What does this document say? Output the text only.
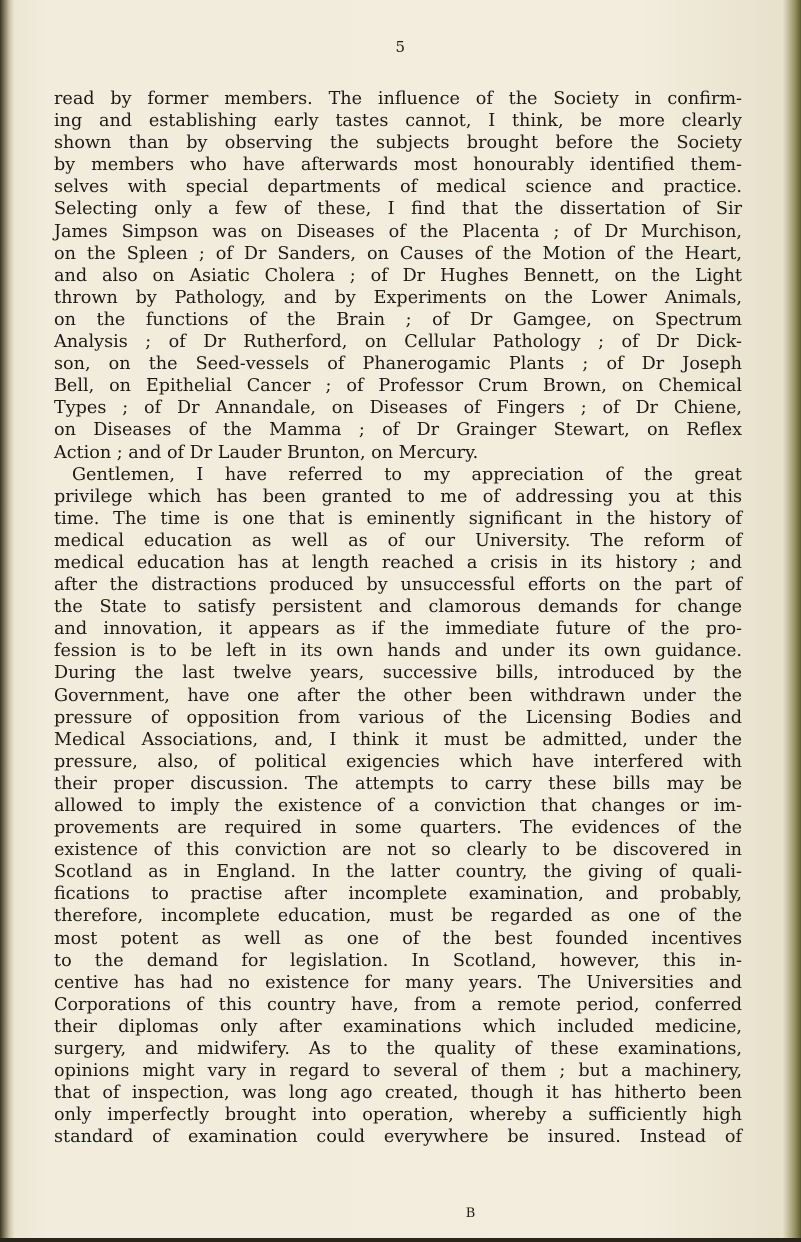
5
read by former members. The influence of the Society in confirm-
ing and establishing early tastes cannot, I think, be more clearly
shown than by observing the subjects brought before the Society
by members who have afterwards most honourably identified them-
selves with special departments of medical science and practice.
Selecting only a few of these, I find that the dissertation of Sir
James Simpson was on Diseases of the Placenta ; of Dr Murchison,
on the Spleen ; of Dr Sanders, on Causes of the Motion of the Heart,
and also on Asiatic Cholera ; of Dr Hughes Bennett, on the Light
thrown by Pathology, and by Experiments on the Lower Animals,
on the functions of the Brain ; of Dr Gamgee, on Spectrum
Analysis ; of Dr Rutherford, on Cellular Pathology ; of Dr Dick-
son, on the Seed-vessels of Phanerogamic Plants ; of Dr Joseph
Bell, on Epithelial Cancer ; of Professor Crum Brown, on Chemical
Types ; of Dr Annandale, on Diseases of Fingers ; of Dr Chiene,
on Diseases of the Mamma ; of Dr Grainger Stewart, on Reflex
Action ; and of Dr Lauder Brunton, on Mercury.
Gentlemen, I have referred to my appreciation of the great
privilege which has been granted to me of addressing you at this
time. The time is one that is eminently significant in the history of
medical education as well as of our University. The reform of
medical education has at length reached a crisis in its history ; and
after the distractions produced by unsuccessful efforts on the part of
the State to satisfy persistent and clamorous demands for change
and innovation, it appears as if the immediate future of the pro-
fession is to be left in its own hands and under its own guidance.
During the last twelve years, successive bills, introduced by the
Government, have one after the other been withdrawn under the
pressure of opposition from various of the Licensing Bodies and
Medical Associations, and, I think it must be admitted, under the
pressure, also, of political exigencies which have interfered with
their proper discussion. The attempts to carry these bills may be
allowed to imply the existence of a conviction that changes or im-
provements are required in some quarters. The evidences of the
existence of this conviction are not so clearly to be discovered in
Scotland as in England. In the latter country, the giving of quali-
fications to practise after incomplete examination, and probably,
therefore, incomplete education, must be regarded as one of the
most potent as well as one of the best founded incentives
to the demand for legislation. In Scotland, however, this in-
centive has had no existence for many years. The Universities and
Corporations of this country have, from a remote period, conferred
their diplomas only after examinations which included medicine,
surgery, and midwifery. As to the quality of these examinations,
opinions might vary in regard to several of them ; but a machinery,
that of inspection, was long ago created, though it has hitherto been
only imperfectly brought into operation, whereby a sufficiently high
standard of examination could everywhere be insured. Instead of
B
